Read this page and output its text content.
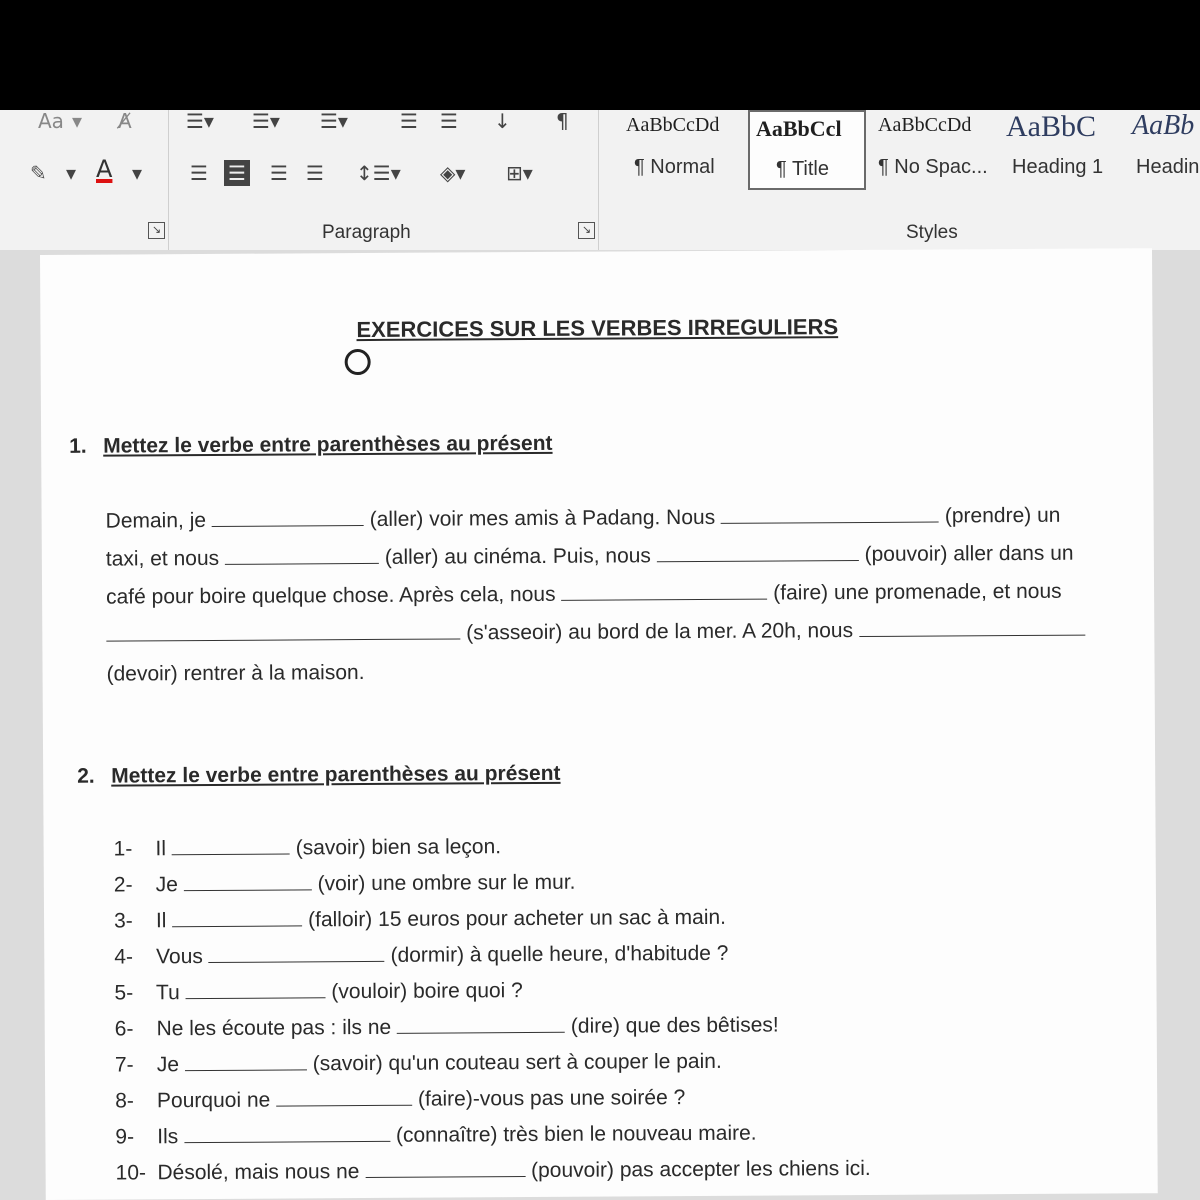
Aa ▾ A̸
✎ ▾ A ▾
↘
☰▾ ☰▾ ☰▾	☰ ☰ ↓ ¶
☰ ☰ ☰ ☰ ↕☰▾ ◈▾ ⊞▾
Paragraph	↘
AaBbCcDd
¶ Normal
AaBbCcl
¶ Title
AaBbCcDd
¶ No Spac...
AaBbC
Heading 1
AaBb
Headin
Styles
EXERCICES SUR LES VERBES IRREGULIERS
1. Mettez le verbe entre parenthèses au présent
Demain, je	(aller) voir mes amis à Padang. Nous	(prendre) un
taxi, et nous	(aller) au cinéma. Puis, nous	(pouvoir) aller dans un
café pour boire quelque chose. Après cela, nous	(faire) une promenade, et nous
(s'asseoir) au bord de la mer. A 20h, nous
(devoir) rentrer à la maison.
2. Mettez le verbe entre parenthèses au présent
1- Il	(savoir) bien sa leçon.
2- Je	(voir) une ombre sur le mur.
3- Il	(falloir) 15 euros pour acheter un sac à main.
4- Vous	(dormir) à quelle heure, d'habitude ?
5- Tu	(vouloir) boire quoi ?
6- Ne les écoute pas : ils ne	(dire) que des bêtises!
7- Je	(savoir) qu'un couteau sert à couper le pain.
8- Pourquoi ne	(faire)-vous pas une soirée ?
9- Ils	(connaître) très bien le nouveau maire.
10- Désolé, mais nous ne	(pouvoir) pas accepter les chiens ici.
